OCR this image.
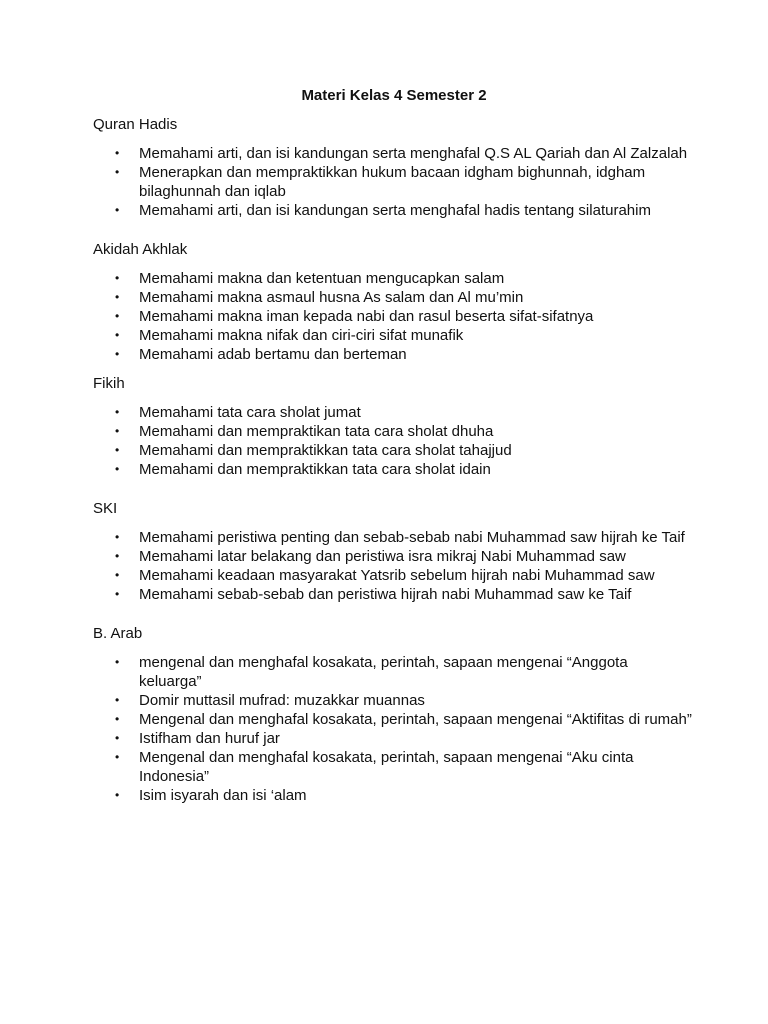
Materi Kelas 4 Semester 2
Quran Hadis
• Memahami arti, dan isi kandungan serta menghafal Q.S AL Qariah dan Al Zalzalah
• Menerapkan dan mempraktikkan hukum bacaan idgham bighunnah, idgham bilaghunnah dan iqlab
• Memahami arti, dan isi kandungan serta menghafal hadis tentang silaturahim
Akidah Akhlak
• Memahami makna dan ketentuan mengucapkan salam
• Memahami makna asmaul husna As salam dan Al mu’min
• Memahami makna iman kepada nabi dan rasul beserta sifat-sifatnya
• Memahami makna nifak dan ciri-ciri sifat munafik
• Memahami adab bertamu dan berteman
Fikih
• Memahami tata cara sholat jumat
• Memahami dan mempraktikan tata cara sholat dhuha
• Memahami dan mempraktikkan tata cara sholat tahajjud
• Memahami dan mempraktikkan tata cara sholat idain
SKI
• Memahami peristiwa penting dan sebab-sebab nabi Muhammad saw hijrah ke Taif
• Memahami latar belakang dan peristiwa isra mikraj Nabi Muhammad saw
• Memahami keadaan masyarakat Yatsrib sebelum hijrah nabi Muhammad saw
• Memahami sebab-sebab dan peristiwa hijrah nabi Muhammad saw ke Taif
B. Arab
• mengenal dan menghafal kosakata, perintah, sapaan mengenai “Anggota keluarga”
• Domir muttasil mufrad: muzakkar muannas
• Mengenal dan menghafal kosakata, perintah, sapaan mengenai “Aktifitas di rumah”
• Istifham dan huruf jar
• Mengenal dan menghafal kosakata, perintah, sapaan mengenai “Aku cinta Indonesia”
• Isim isyarah dan isi ‘alam
